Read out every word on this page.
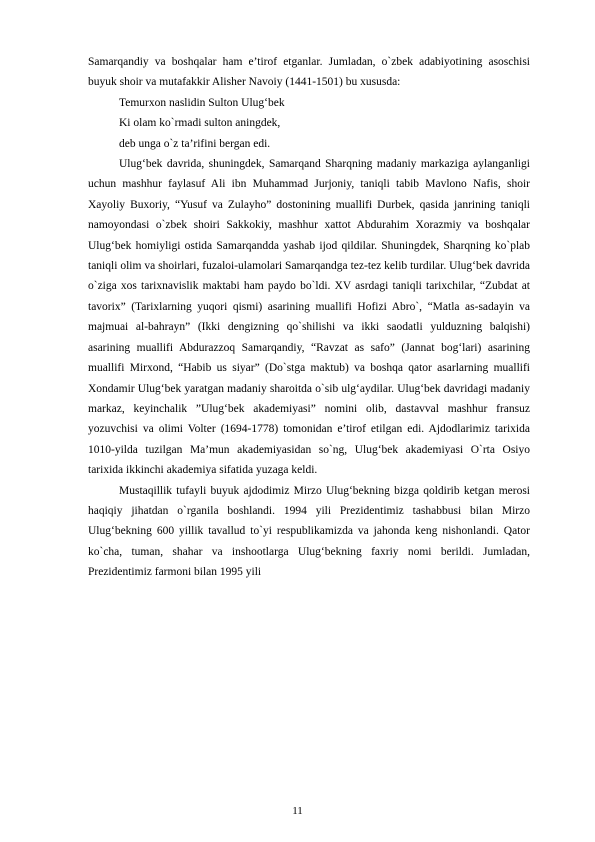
Samarqandiy va boshqalar ham e’tirof etganlar. Jumladan, o`zbek adabiyotining asoschisi buyuk shoir va mutafakkir Alisher Navoiy (1441-1501) bu xususda:

Temurxon naslidin Sulton Ulug‘bek

Ki olam ko`rmadi sulton aningdek,

deb unga o`z ta’rifini bergan edi.

Ulug‘bek davrida, shuningdek, Samarqand Sharqning madaniy markaziga aylanganligi uchun mashhur faylasuf Ali ibn Muhammad Jurjoniy, taniqli tabib Mavlono Nafis, shoir Xayoliy Buxoriy, “Yusuf va Zulayho” dostonining muallifi Durbek, qasida janrining taniqli namoyondasi o`zbek shoiri Sakkokiy, mashhur xattot Abdurahim Xorazmiy va boshqalar Ulug‘bek homiyligi ostida Samarqandda yashab ijod qildilar. Shuningdek, Sharqning ko`plab taniqli olim va shoirlari, fuzaloi-ulamolari Samarqandga tez-tez kelib turdilar. Ulug‘bek davrida o`ziga xos tarixnavislik maktabi ham paydo bo`ldi. XV asrdagi taniqli tarixchilar, “Zubdat at tavorix” (Tarixlarning yuqori qismi) asarining muallifi Hofizi Abro`, “Matla as-sadayin va majmuai al-bahrayn” (Ikki dengizning qo`shilishi va ikki saodatli yulduzning balqishi) asarining muallifi Abdurazzoq Samarqandiy, “Ravzat as safo” (Jannat bog‘lari) asarining muallifi Mirxond, “Habib us siyar” (Do`stga maktub) va boshqa qator asarlarning muallifi Xondamir Ulug‘bek yaratgan madaniy sharoitda o`sib ulg‘aydilar. Ulug‘bek davridagi madaniy markaz, keyinchalik ”Ulug‘bek akademiyasi” nomini olib, dastavval mashhur fransuz yozuvchisi va olimi Volter (1694-1778) tomonidan e’tirof etilgan edi. Ajdodlarimiz tarixida 1010-yilda tuzilgan Ma’mun akademiyasidan so`ng, Ulug‘bek akademiyasi O`rta Osiyo tarixida ikkinchi akademiya sifatida yuzaga keldi.

Mustaqillik tufayli buyuk ajdodimiz Mirzo Ulug‘bekning bizga qoldirib ketgan merosi haqiqiy jihatdan o`rganila boshlandi. 1994 yili Prezidentimiz tashabbusi bilan Mirzo Ulug‘bekning 600 yillik tavallud to`yi respublikamizda va jahonda keng nishonlandi. Qator ko`cha, tuman, shahar va inshootlarga Ulug‘bekning faxriy nomi berildi. Jumladan, Prezidentimiz farmoni bilan 1995 yili

11
